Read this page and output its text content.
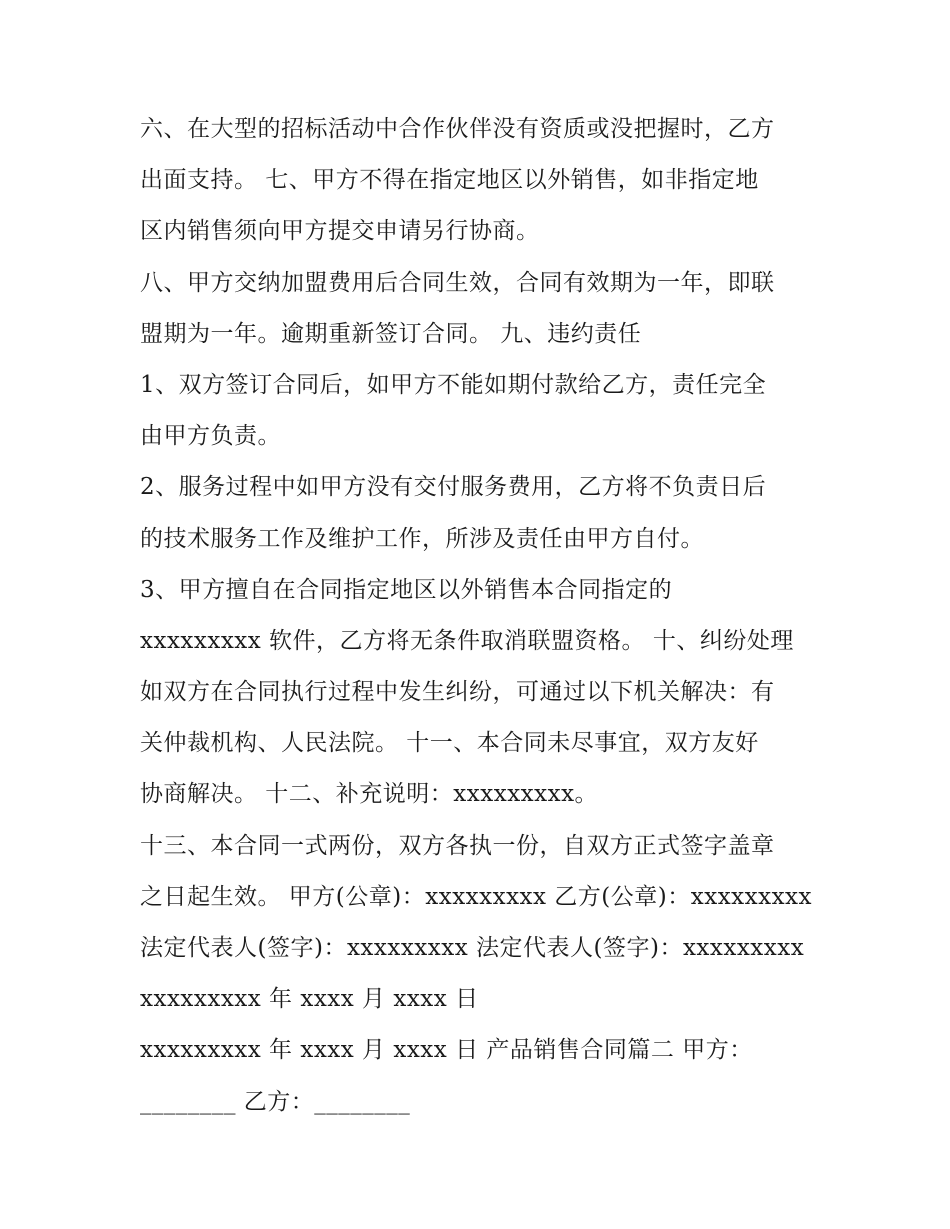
六、在大型的招标活动中合作伙伴没有资质或没把握时，乙方
出面支持。 七、甲方不得在指定地区以外销售，如非指定地
区内销售须向甲方提交申请另行协商。
八、甲方交纳加盟费用后合同生效，合同有效期为一年，即联
盟期为一年。逾期重新签订合同。 九、违约责任
1、双方签订合同后，如甲方不能如期付款给乙方，责任完全
由甲方负责。
2、服务过程中如甲方没有交付服务费用，乙方将不负责日后
的技术服务工作及维护工作，所涉及责任由甲方自付。
3、甲方擅自在合同指定地区以外销售本合同指定的
xxxxxxxxx 软件，乙方将无条件取消联盟资格。 十、纠纷处理
如双方在合同执行过程中发生纠纷，可通过以下机关解决：有
关仲裁机构、人民法院。 十一、本合同未尽事宜，双方友好
协商解决。 十二、补充说明：xxxxxxxxx。
十三、本合同一式两份，双方各执一份，自双方正式签字盖章
之日起生效。 甲方(公章)：xxxxxxxxx 乙方(公章)：xxxxxxxxx
法定代表人(签字)：xxxxxxxxx 法定代表人(签字)：xxxxxxxxx
xxxxxxxxx 年 xxxx 月 xxxx 日
xxxxxxxxx 年 xxxx 月 xxxx 日 产品销售合同篇二 甲方：
________ 乙方：________
